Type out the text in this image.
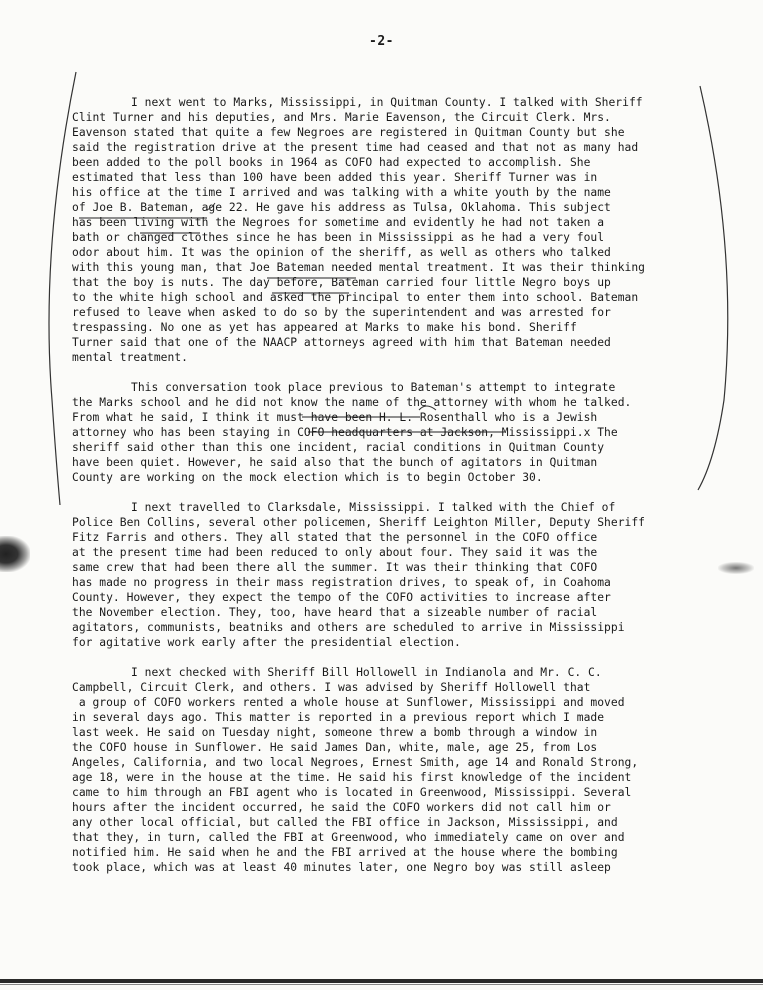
-2-
I next went to Marks, Mississippi, in Quitman County. I talked with Sheriff
Clint Turner and his deputies, and Mrs. Marie Eavenson, the Circuit Clerk. Mrs.
Eavenson stated that quite a few Negroes are registered in Quitman County but she
said the registration drive at the present time had ceased and that not as many had
been added to the poll books in 1964 as COFO had expected to accomplish. She
estimated that less than 100 have been added this year. Sheriff Turner was in
his office at the time I arrived and was talking with a white youth by the name
of Joe B. Bateman, age 22. He gave his address as Tulsa, Oklahoma. This subject
has been living with the Negroes for sometime and evidently he had not taken a
bath or changed clothes since he has been in Mississippi as he had a very foul
odor about him. It was the opinion of the sheriff, as well as others who talked
with this young man, that Joe Bateman needed mental treatment. It was their thinking
that the boy is nuts. The day before, Bateman carried four little Negro boys up
to the white high school and asked the principal to enter them into school. Bateman
refused to leave when asked to do so by the superintendent and was arrested for
trespassing. No one as yet has appeared at Marks to make his bond. Sheriff
Turner said that one of the NAACP attorneys agreed with him that Bateman needed
mental treatment.
This conversation took place previous to Bateman's attempt to integrate
the Marks school and he did not know the name of the attorney with whom he talked.
From what he said, I think it must have been H. L. Rosenthall who is a Jewish
attorney who has been staying in COFO headquarters at Jackson, Mississippi.x The
sheriff said other than this one incident, racial conditions in Quitman County
have been quiet. However, he said also that the bunch of agitators in Quitman
County are working on the mock election which is to begin October 30.
I next travelled to Clarksdale, Mississippi. I talked with the Chief of
Police Ben Collins, several other policemen, Sheriff Leighton Miller, Deputy Sheriff
Fitz Farris and others. They all stated that the personnel in the COFO office
at the present time had been reduced to only about four. They said it was the
same crew that had been there all the summer. It was their thinking that COFO
has made no progress in their mass registration drives, to speak of, in Coahoma
County. However, they expect the tempo of the COFO activities to increase after
the November election. They, too, have heard that a sizeable number of racial
agitators, communists, beatniks and others are scheduled to arrive in Mississippi
for agitative work early after the presidential election.
I next checked with Sheriff Bill Hollowell in Indianola and Mr. C. C.
Campbell, Circuit Clerk, and others. I was advised by Sheriff Hollowell that
a group of COFO workers rented a whole house at Sunflower, Mississippi and moved
in several days ago. This matter is reported in a previous report which I made
last week. He said on Tuesday night, someone threw a bomb through a window in
the COFO house in Sunflower. He said James Dan, white, male, age 25, from Los
Angeles, California, and two local Negroes, Ernest Smith, age 14 and Ronald Strong,
age 18, were in the house at the time. He said his first knowledge of the incident
came to him through an FBI agent who is located in Greenwood, Mississippi. Several
hours after the incident occurred, he said the COFO workers did not call him or
any other local official, but called the FBI office in Jackson, Mississippi, and
that they, in turn, called the FBI at Greenwood, who immediately came on over and
notified him. He said when he and the FBI arrived at the house where the bombing
took place, which was at least 40 minutes later, one Negro boy was still asleep
